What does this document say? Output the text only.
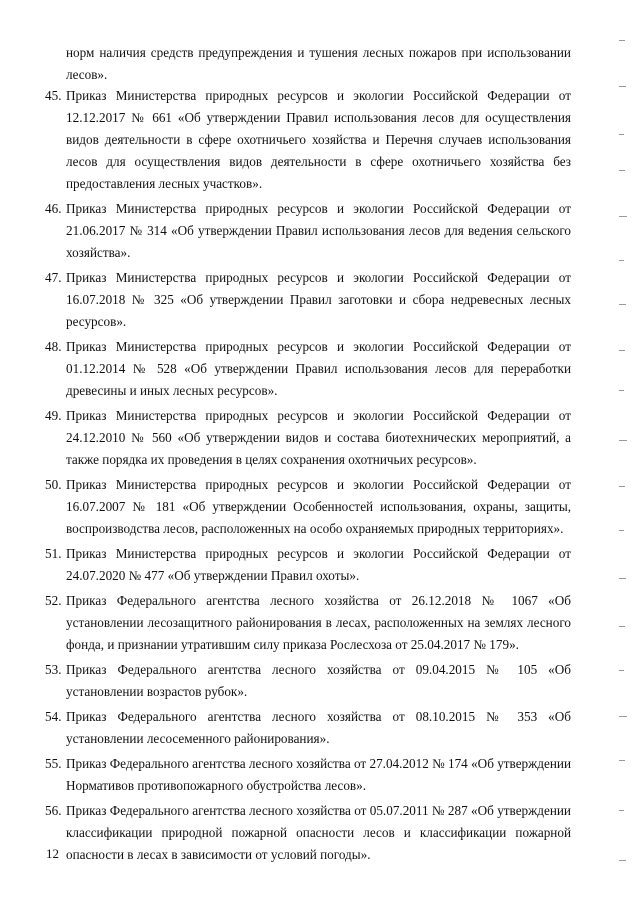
норм наличия средств предупреждения и тушения лесных пожаров при использовании лесов».
45. Приказ Министерства природных ресурсов и экологии Российской Федерации от 12.12.2017 № 661 «Об утверждении Правил использования лесов для осуществления видов деятельности в сфере охотничьего хозяйства и Перечня случаев использования лесов для осуществления видов деятельности в сфере охотничьего хозяйства без предоставления лесных участков».
46. Приказ Министерства природных ресурсов и экологии Российской Федерации от 21.06.2017 № 314 «Об утверждении Правил использования лесов для ведения сельского хозяйства».
47. Приказ Министерства природных ресурсов и экологии Российской Федерации от 16.07.2018 № 325 «Об утверждении Правил заготовки и сбора недревесных лесных ресурсов».
48. Приказ Министерства природных ресурсов и экологии Российской Федерации от 01.12.2014 № 528 «Об утверждении Правил использования лесов для переработки древесины и иных лесных ресурсов».
49. Приказ Министерства природных ресурсов и экологии Российской Федерации от 24.12.2010 № 560 «Об утверждении видов и состава биотехнических мероприятий, а также порядка их проведения в целях сохранения охотничьих ресурсов».
50. Приказ Министерства природных ресурсов и экологии Российской Федерации от 16.07.2007 № 181 «Об утверждении Особенностей использования, охраны, защиты, воспроизводства лесов, расположенных на особо охраняемых природных территориях».
51. Приказ Министерства природных ресурсов и экологии Российской Федерации от 24.07.2020 № 477 «Об утверждении Правил охоты».
52. Приказ Федерального агентства лесного хозяйства от 26.12.2018 № 1067 «Об установлении лесозащитного районирования в лесах, расположенных на землях лесного фонда, и признании утратившим силу приказа Рослесхоза от 25.04.2017 № 179».
53. Приказ Федерального агентства лесного хозяйства от 09.04.2015 № 105 «Об установлении возрастов рубок».
54. Приказ Федерального агентства лесного хозяйства от 08.10.2015 № 353 «Об установлении лесосеменного районирования».
55. Приказ Федерального агентства лесного хозяйства от 27.04.2012 № 174 «Об утверждении Нормативов противопожарного обустройства лесов».
56. Приказ Федерального агентства лесного хозяйства от 05.07.2011 № 287 «Об утверждении классификации природной пожарной опасности лесов и классификации пожарной опасности в лесах в зависимости от условий погоды».
12
